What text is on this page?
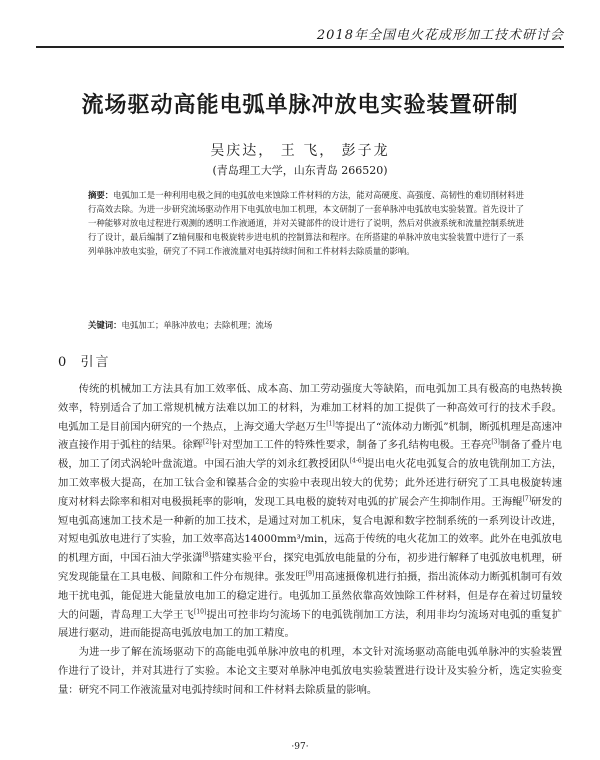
2018年全国电火花成形加工技术研讨会
流场驱动高能电弧单脉冲放电实验装置研制
吴庆达， 王 飞， 彭子龙
(青岛理工大学，山东青岛 266520)
摘要：电弧加工是一种利用电极之间的电弧放电来蚀除工件材料的方法，能对高硬度、高强度、高韧性的难切削材料进行高效去除。为进一步研究流场驱动作用下电弧放电加工机理，本文研制了一套单脉冲电弧放电实验装置。首先设计了一种能够对放电过程进行观测的透明工作液通道，并对关键部件的设计进行了说明，然后对供液系统和流量控制系统进行了设计，最后编制了Z轴伺服和电极旋转步进电机的控制算法和程序。在所搭建的单脉冲放电实验装置中进行了一系列单脉冲放电实验，研究了不同工作液流量对电弧持续时间和工件材料去除质量的影响。
关键词：电弧加工；单脉冲放电；去除机理；流场
0 引言

传统的机械加工方法具有加工效率低、成本高、加工劳动强度大等缺陷，而电弧加工具有极高的电热转换效率，特别适合了加工常规机械方法难以加工的材料，为难加工材料的加工提供了一种高效可行的技术手段。电弧加工是目前国内研究的一个热点，上海交通大学赵万生[1]等提出了“流体动力断弧”机制，断弧机理是高速冲液直接作用于弧柱的结果。徐辉[2]针对型加工工件的特殊性要求，制备了多孔结构电极。王春亮[3]制备了叠片电极，加工了闭式涡轮叶盘流道。中国石油大学的刘永红教授团队[4-6]提出电火花电弧复合的放电铣削加工方法，加工效率极大提高，在加工钛合金和镍基合金的实验中表现出较大的优势；此外还进行研究了工具电极旋转速度对材料去除率和相对电极损耗率的影响，发现工具电极的旋转对电弧的扩展会产生抑制作用。王海鲲[7]研发的短电弧高速加工技术是一种新的加工技术，是通过对加工机床，复合电源和数字控制系统的一系列设计改进，对短电弧放电进行了实验，加工效率高达14000mm³/min，远高于传统的电火花加工的效率。此外在电弧放电的机理方面，中国石油大学张潇[8]搭建实验平台，探究电弧放电能量的分布，初步进行解释了电弧放电机理，研究发现能量在工具电极、间隙和工件分布规律。张发旺[9]用高速摄像机进行拍摄，指出流体动力断弧机制可有效地干扰电弧，能促进大能量放电加工的稳定进行。电弧加工虽然依靠高效蚀除工件材料，但是存在着过切量较大的问题，青岛理工大学王飞[10]提出可控非均匀流场下的电弧铣削加工方法，利用非均匀流场对电弧的重复扩展进行驱动，进而能提高电弧放电加工的加工精度。

为进一步了解在流场驱动下的高能电弧单脉冲放电的机理，本文针对流场驱动高能电弧单脉冲的实验装置作进行了设计，并对其进行了实验。本论文主要对单脉冲电弧放电实验装置进行设计及实验分析，选定实验变量：研究不同工作液流量对电弧持续时间和工件材料去除质量的影响。

·97·
